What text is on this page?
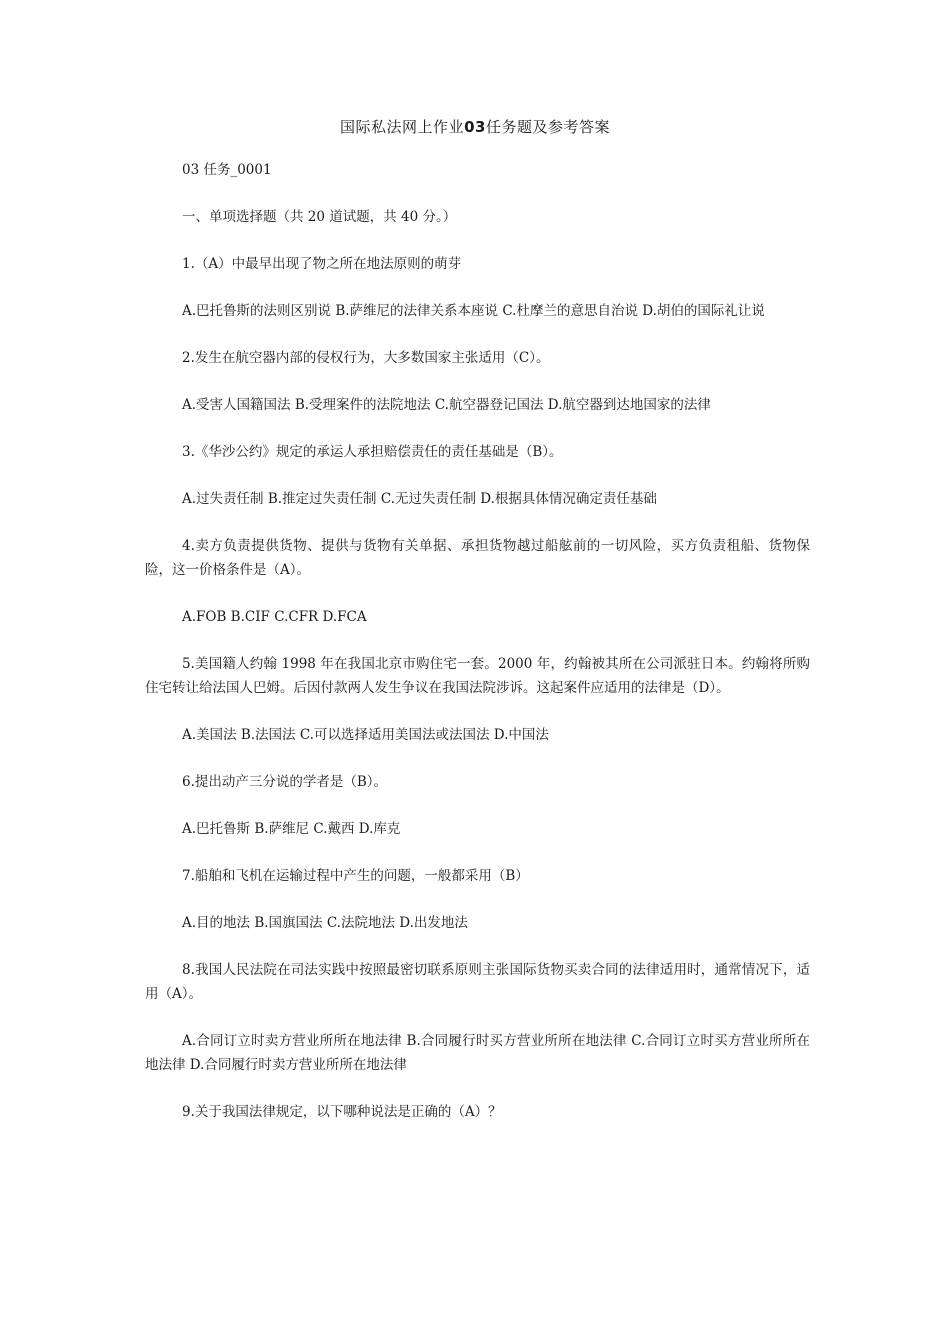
国际私法网上作业03任务题及参考答案

03 任务_0001

一、单项选择题（共 20 道试题，共 40 分。）

1.（A）中最早出现了物之所在地法原则的萌芽

A.巴托鲁斯的法则区别说 B.萨维尼的法律关系本座说 C.杜摩兰的意思自治说 D.胡伯的国际礼让说

2.发生在航空器内部的侵权行为，大多数国家主张适用（C）。

A.受害人国籍国法 B.受理案件的法院地法 C.航空器登记国法 D.航空器到达地国家的法律

3.《华沙公约》规定的承运人承担赔偿责任的责任基础是（B）。

A.过失责任制 B.推定过失责任制 C.无过失责任制 D.根据具体情况确定责任基础

4.卖方负责提供货物、提供与货物有关单据、承担货物越过船舷前的一切风险，买方负责租船、货物保险，这一价格条件是（A）。

A.FOB B.CIF C.CFR D.FCA

5.美国籍人约翰 1998 年在我国北京市购住宅一套。2000 年，约翰被其所在公司派驻日本。约翰将所购住宅转让给法国人巴姆。后因付款两人发生争议在我国法院涉诉。这起案件应适用的法律是（D）。

A.美国法 B.法国法 C.可以选择适用美国法或法国法 D.中国法

6.提出动产三分说的学者是（B）。

A.巴托鲁斯 B.萨维尼 C.戴西 D.库克

7.船舶和飞机在运输过程中产生的问题，一般都采用（B）

A.目的地法 B.国旗国法 C.法院地法 D.出发地法

8.我国人民法院在司法实践中按照最密切联系原则主张国际货物买卖合同的法律适用时，通常情况下，适用（A）。

A.合同订立时卖方营业所所在地法律 B.合同履行时买方营业所所在地法律 C.合同订立时买方营业所所在地法律 D.合同履行时卖方营业所所在地法律

9.关于我国法律规定，以下哪种说法是正确的（A）？
